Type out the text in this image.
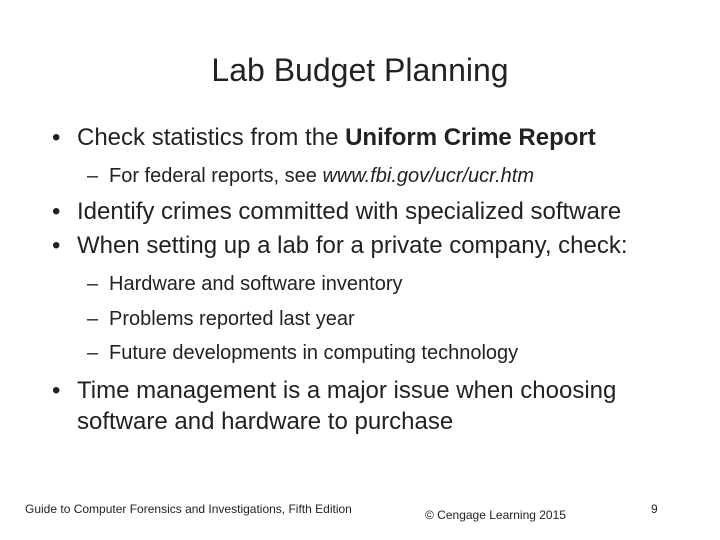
Lab Budget Planning
• Check statistics from the Uniform Crime Report
– For federal reports, see www.fbi.gov/ucr/ucr.htm
• Identify crimes committed with specialized software
• When setting up a lab for a private company, check:
– Hardware and software inventory
– Problems reported last year
– Future developments in computing technology
• Time management is a major issue when choosing
software and hardware to purchase
Guide to Computer Forensics and Investigations, Fifth Edition	© Cengage Learning 2015	9
